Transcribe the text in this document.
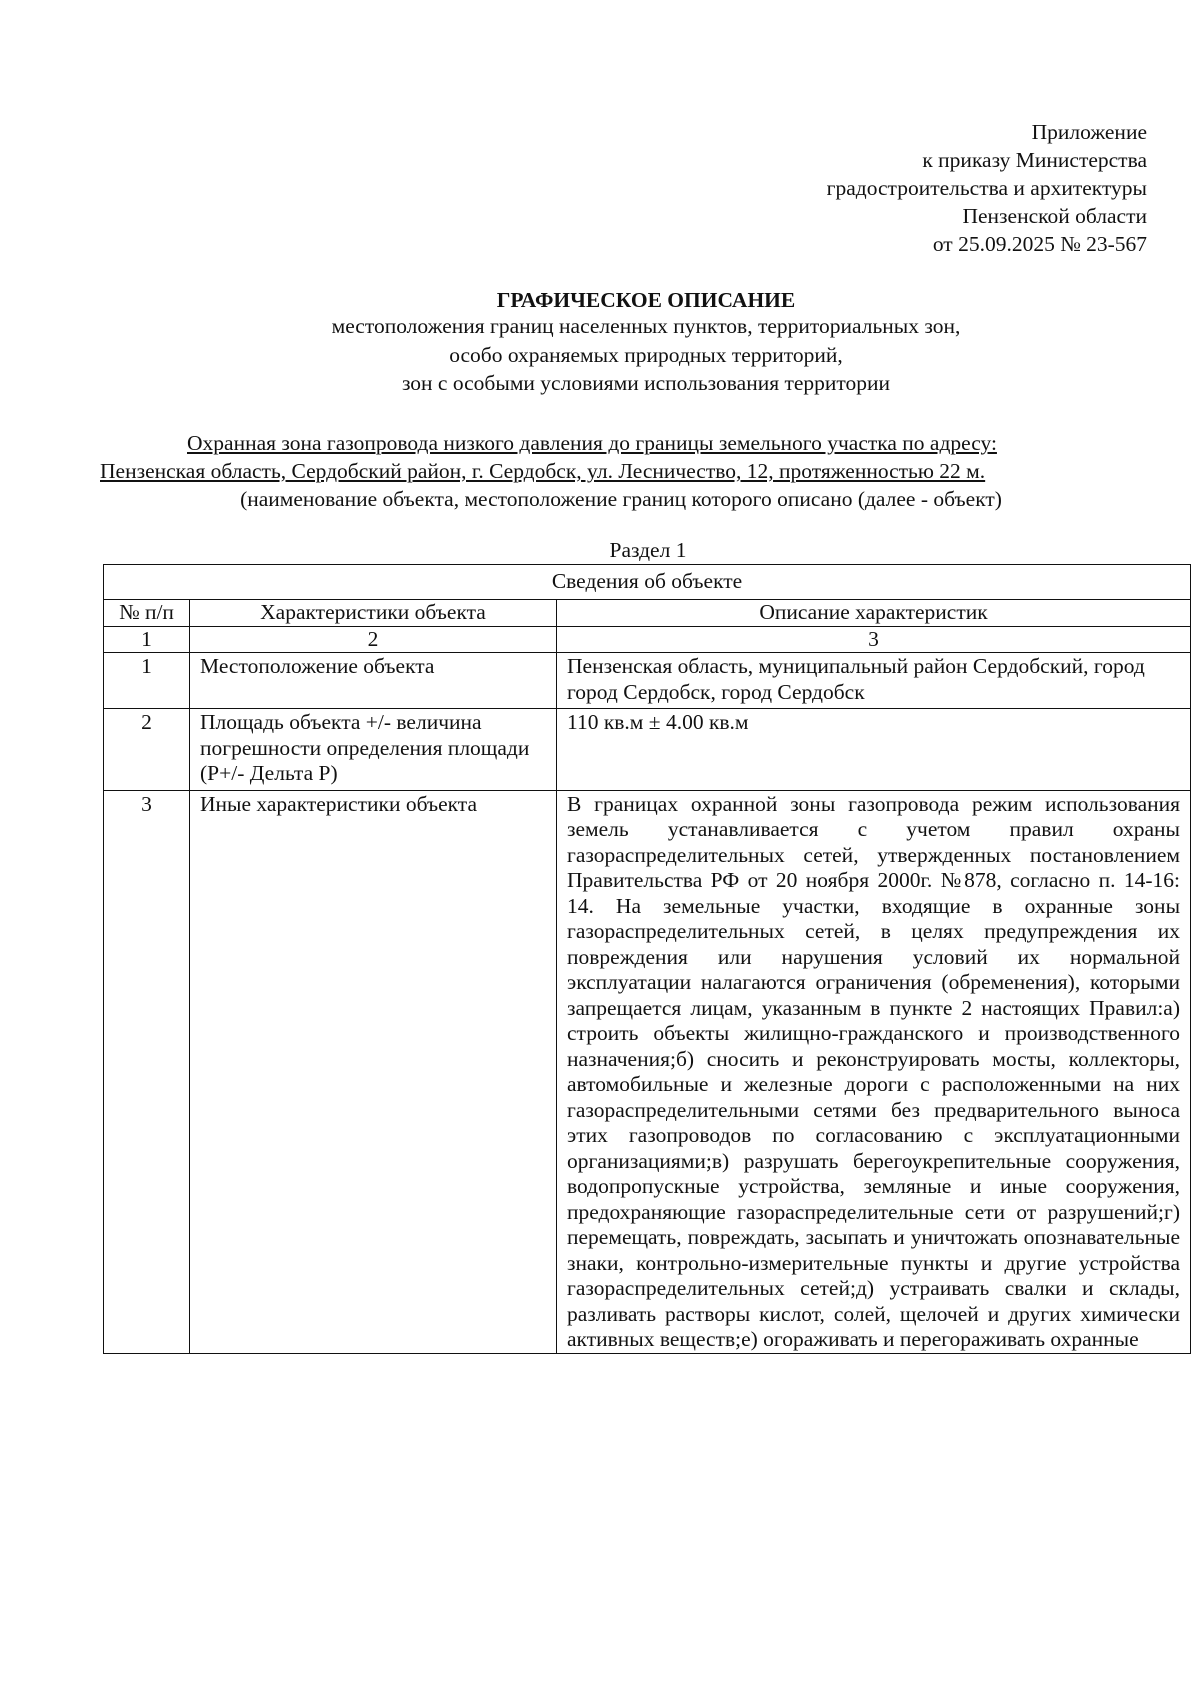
Приложение
к приказу Министерства
градостроительства и архитектуры
Пензенской области
от 25.09.2025 № 23-567
ГРАФИЧЕСКОЕ ОПИСАНИЕ
местоположения границ населенных пунктов, территориальных зон,
особо охраняемых природных территорий,
зон с особыми условиями использования территории
Охранная зона газопровода низкого давления до границы земельного участка по адресу:
Пензенская область, Сердобский район, г. Сердобск, ул. Лесничество, 12, протяженностью 22 м.
(наименование объекта, местоположение границ которого описано (далее - объект)
Раздел 1
Сведения об объекте		
№ п/п	Характеристики объекта	Описание характеристик
1	2	3
1	Местоположение объекта	Пензенская область, муниципальный район Сердобский, город город Сердобск, город Сердобск
2	Площадь объекта +/- величина погрешности определения площади (Р+/- Дельта Р)	110 кв.м ± 4.00 кв.м
3	Иные характеристики объекта	В границах охранной зоны газопровода режим использования земель устанавливается с учетом правил охраны газораспределительных сетей, утвержденных постановлением Правительства РФ от 20 ноября 2000г. №878, согласно п. 14-16: 14. На земельные участки, входящие в охранные зоны газораспределительных сетей, в целях предупреждения их повреждения или нарушения условий их нормальной эксплуатации налагаются ограничения (обременения), которыми запрещается лицам, указанным в пункте 2 настоящих Правил:а) строить объекты жилищно-гражданского и производственного назначения;б) сносить и реконструировать мосты, коллекторы, автомобильные и железные дороги с расположенными на них газораспределительными сетями без предварительного выноса этих газопроводов по согласованию с эксплуатационными организациями;в) разрушать берегоукрепительные сооружения, водопропускные устройства, земляные и иные сооружения, предохраняющие газораспределительные сети от разрушений;г) перемещать, повреждать, засыпать и уничтожать опознавательные знаки, контрольно-измерительные пункты и другие устройства газораспределительных сетей;д) устраивать свалки и склады, разливать растворы кислот, солей, щелочей и других химически активных веществ;е) огораживать и перегораживать охранные
